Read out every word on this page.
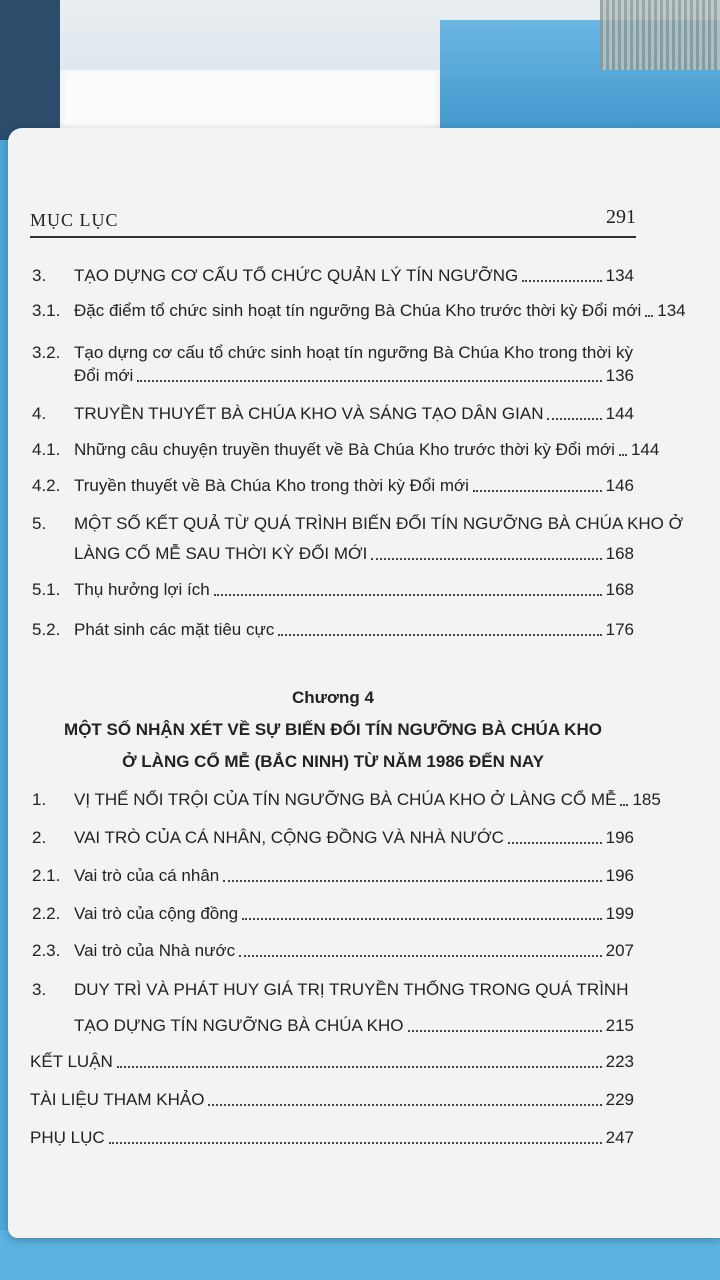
MỤC LỤC	291
3.	TẠO DỰNG CƠ CẤU TỔ CHỨC QUẢN LÝ TÍN NGƯỠNG	134
3.1. Đặc điểm tổ chức sinh hoạt tín ngưỡng Bà Chúa Kho trước thời kỳ Đổi mới 134
3.2. Tạo dựng cơ cấu tổ chức sinh hoạt tín ngưỡng Bà Chúa Kho trong thời kỳ
Đổi mới	136
4.	TRUYỀN THUYẾT BÀ CHÚA KHO VÀ SÁNG TẠO DÂN GIAN	144
4.1. Những câu chuyện truyền thuyết về Bà Chúa Kho trước thời kỳ Đổi mới 144
4.2. Truyền thuyết về Bà Chúa Kho trong thời kỳ Đổi mới	146
5.	MỘT SỐ KẾT QUẢ TỪ QUÁ TRÌNH BIẾN ĐỔI TÍN NGƯỠNG BÀ CHÚA KHO Ở
LÀNG CỔ MỄ SAU THỜI KỲ ĐỔI MỚI	168
5.1. Thụ hưởng lợi ích	168
5.2. Phát sinh các mặt tiêu cực	176
Chương 4
MỘT SỐ NHẬN XÉT VỀ SỰ BIẾN ĐỔI TÍN NGƯỠNG BÀ CHÚA KHO
Ở LÀNG CỔ MỄ (BẮC NINH) TỪ NĂM 1986 ĐẾN NAY
1.	VỊ THẾ NỔI TRỘI CỦA TÍN NGƯỠNG BÀ CHÚA KHO Ở LÀNG CỔ MỄ 185
2.	VAI TRÒ CỦA CÁ NHÂN, CỘNG ĐỒNG VÀ NHÀ NƯỚC	196
2.1. Vai trò của cá nhân	196
2.2. Vai trò của cộng đồng	199
2.3. Vai trò của Nhà nước	207
3.	DUY TRÌ VÀ PHÁT HUY GIÁ TRỊ TRUYỀN THỐNG TRONG QUÁ TRÌNH
TẠO DỰNG TÍN NGƯỠNG BÀ CHÚA KHO	215
KẾT LUẬN	223
TÀI LIỆU THAM KHẢO	229
PHỤ LỤC	247
